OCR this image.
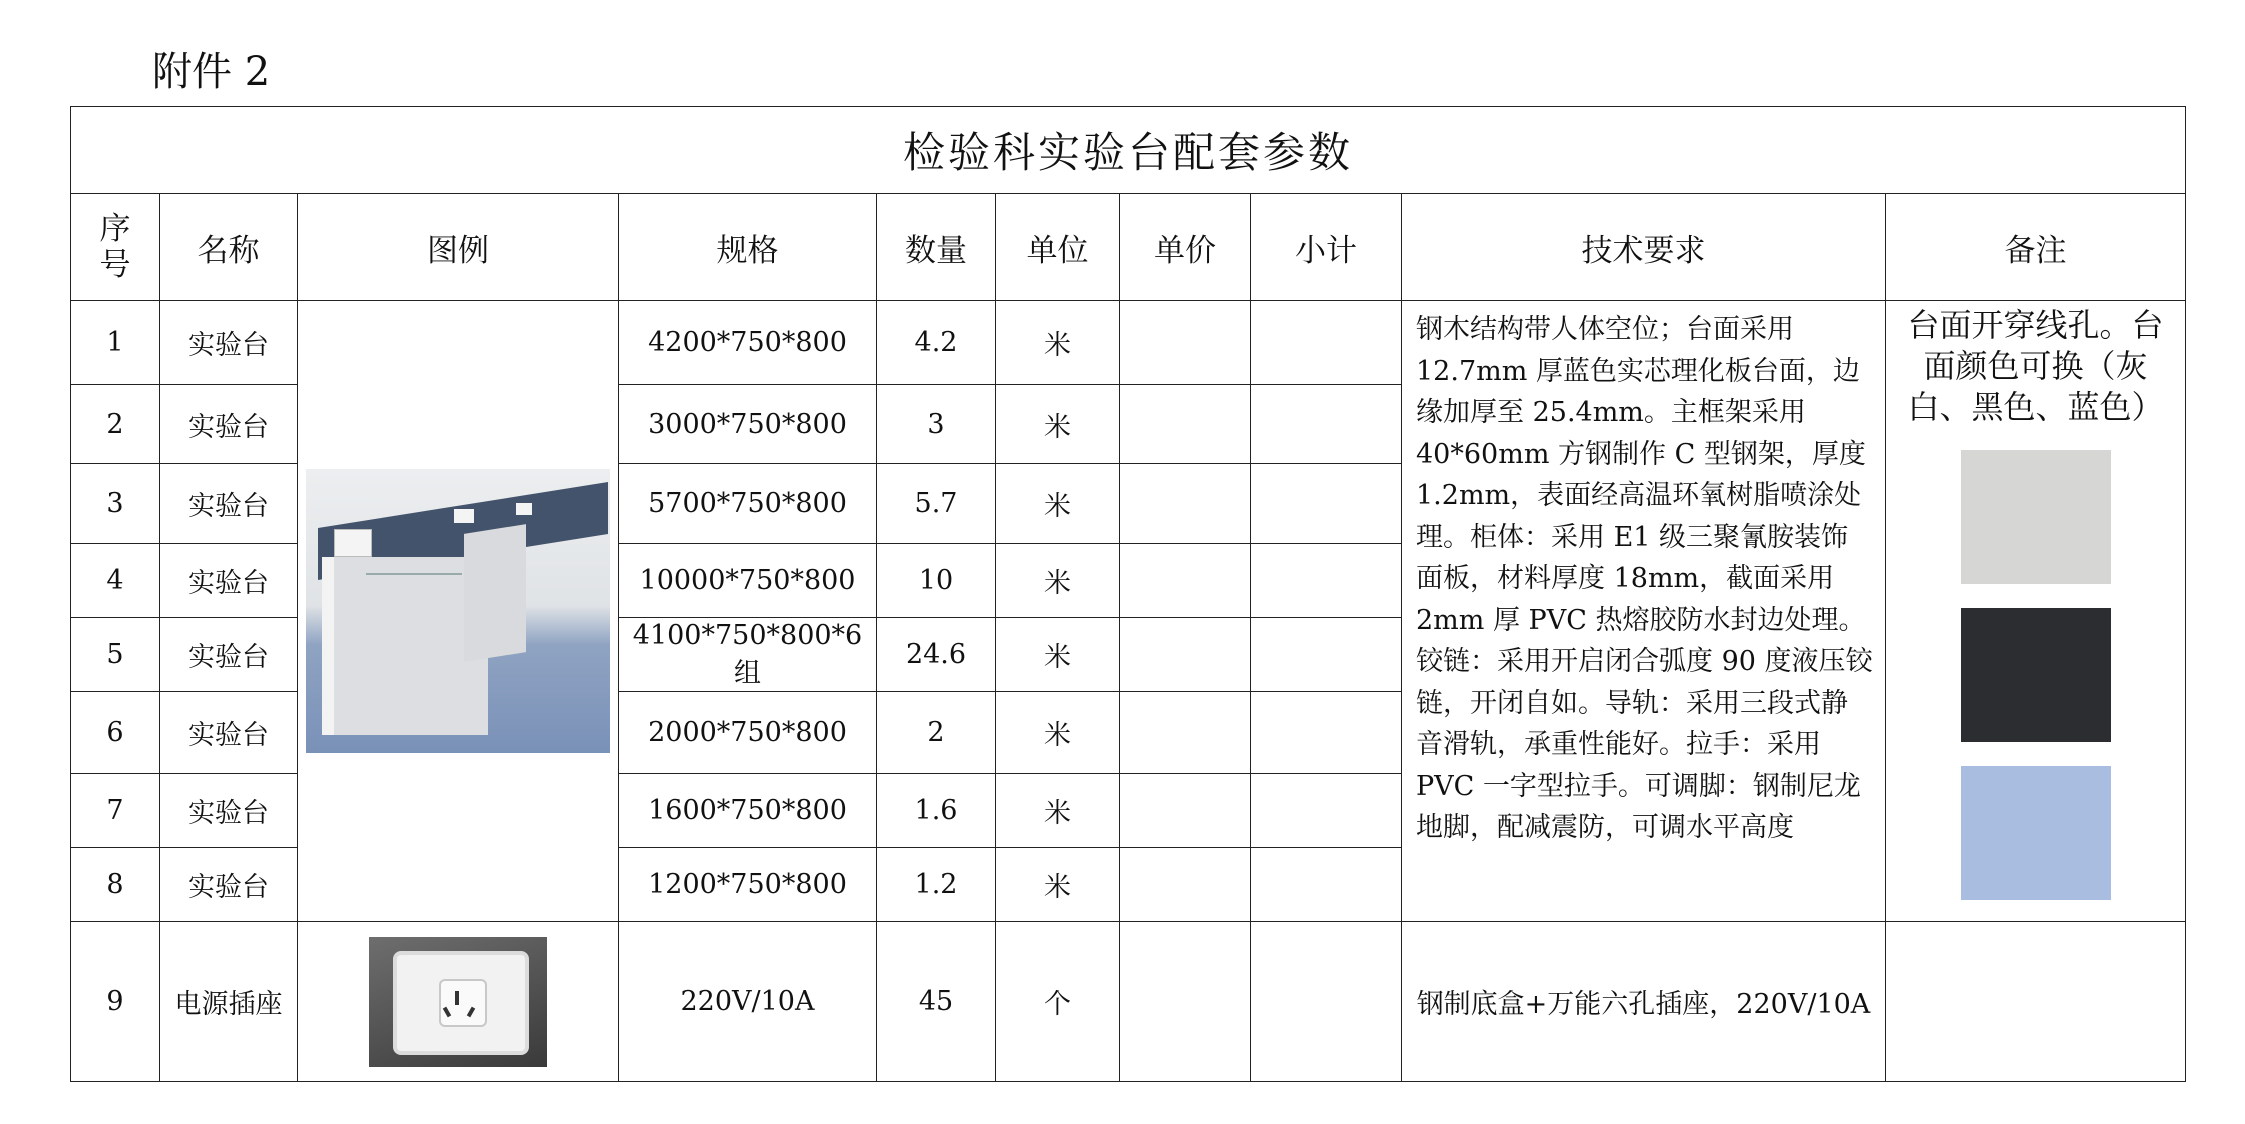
附件 2
检验科实验台配套参数									

序号	名称	图例	规格	数量	单位	单价	小计	技术要求	备注
1	实验台		4200*750*800	4.2	米			钢木结构带人体空位；台面采用 12.7mm 厚蓝色实芯理化板台面，边缘加厚至 25.4mm。主框架采用 40*60mm 方钢制作 C 型钢架，厚度 1.2mm，表面经高温环氧树脂喷涂处理。柜体：采用 E1 级三聚氰胺装饰面板，材料厚度 18mm，截面采用 2mm 厚 PVC 热熔胶防水封边处理。铰链：采用开启闭合弧度 90 度液压铰链，开闭自如。导轨：采用三段式静音滑轨，承重性能好。拉手：采用 PVC 一字型拉手。可调脚：钢制尼龙地脚，配减震防，可调水平高度	台面开穿线孔。台面颜色可换（灰白、黑色、蓝色）

2	实验台		3000*750*800	3	米				
3	实验台		5700*750*800	5.7	米				
4	实验台		10000*750*800	10	米				
5	实验台		4100*750*800*6 组	24.6	米				
6	实验台		2000*750*800	2	米				
7	实验台		1600*750*800	1.6	米				
8	实验台		1200*750*800	1.2	米				
9	电源插座		220V/10A	45	个			钢制底盒+万能六孔插座，220V/10A	
